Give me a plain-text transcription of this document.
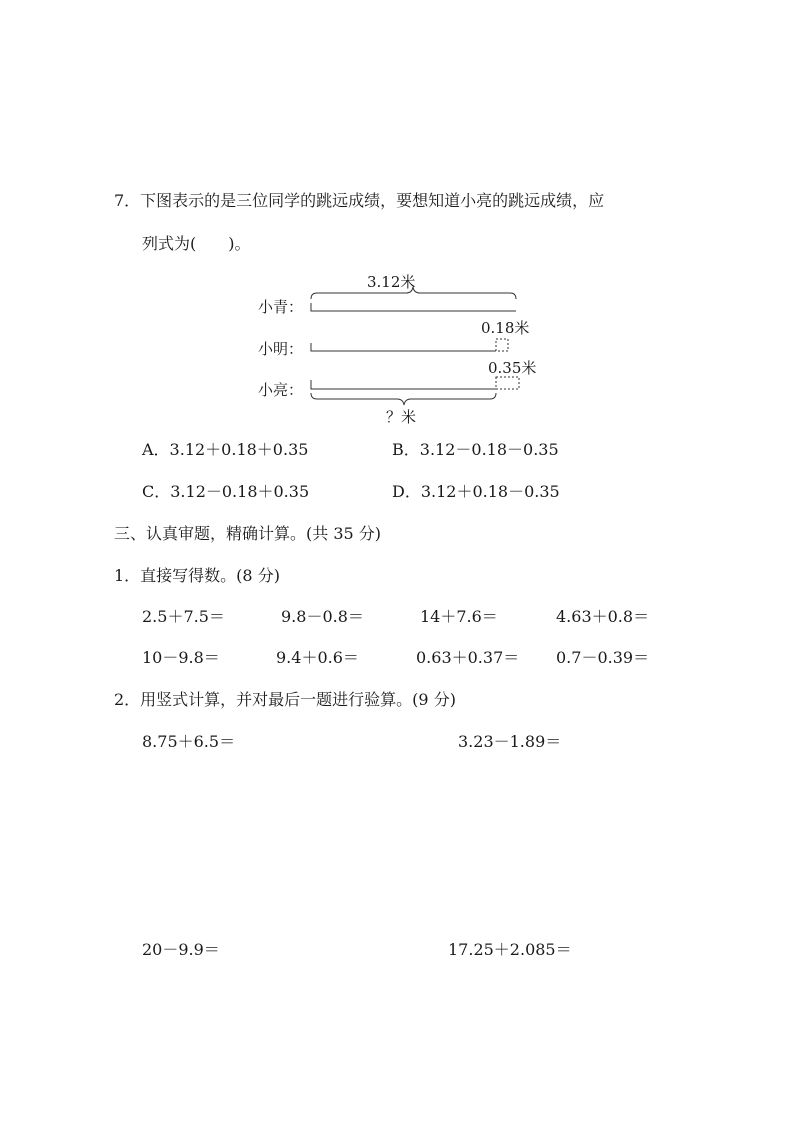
7．下图表示的是三位同学的跳远成绩，要想知道小亮的跳远成绩，应
列式为(　　)。
3.12米
小青：
0.18米
小明：
0.35米
小亮：
？米
A．3.12＋0.18＋0.35	B．3.12－0.18－0.35
C．3.12－0.18＋0.35	D．3.12＋0.18－0.35
三、认真审题，精确计算。(共 35 分)
1．直接写得数。(8 分)
2.5＋7.5＝	9.8－0.8＝	14＋7.6＝	4.63＋0.8＝
10－9.8＝	9.4＋0.6＝	0.63＋0.37＝ 0.7－0.39＝
2．用竖式计算，并对最后一题进行验算。(9 分)
8.75＋6.5＝	3.23－1.89＝
20－9.9＝	17.25＋2.085＝
